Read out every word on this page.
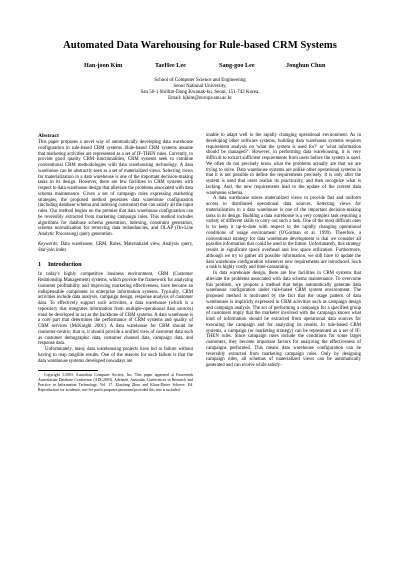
Automated Data Warehousing for Rule-based CRM Systems
Han-joon Kim	TaeHee Lee	Sang-goo Lee	Jonghun Chun
School of Computer Science and Engineering
Seoul National University,
San 56-1 Shillim-Dong Kwanak-ku, Seoul, 151-742 Korea,
Email: hjkim@europa.snu.ac.kr

Abstract

This paper proposes a novel way of automatically developing data warehouse configuration in rule-based CRM systems. Rule-based CRM systems assume that marketing activities are represented as a set of IF-THEN rules. Currently, to provide good quality CRM functionalities, CRM systems seek to combine conventional CRM methodologies with data warehousing technology. A data warehouse can be abstractly seen as a set of materialized views. Selecting views for materialization in a data warehouse is one of the important decision-making tasks in its design. However, there are few facilities in CRM systems with respect to data warehouse design that alleviate the problems associated with data schema maintenance. Given a set of campaign rules expressing marketing strategies, the proposed method generates data warehouse configuration (including database schema and indexing constraint) that can satisfy all the input rules. Our method begins on the premise that data warehouse configuration can be reversibly extracted from marketing campaign rules. This method includes algorithms for database schema generation, indexing, constraint generation, schema normalization for removing data redundancies, and OLAP (On-Line Analytic Processing) query generation.

Keywords: Data warehouse, CRM, Rules, Materialized view, Analysis query, Star-join index

1 Introduction

In today's highly competitive business environment, CRM (Customer Relationship Management) systems, which provide the framework for analyzing customer profitability and improving marketing effectiveness, have become an indispensable component in enterprise information systems. Typically, CRM activities include data analysis, campaign design, response analysis of customer data. To effectively support such activities, a data warehouse (which is a repository that integrates information from multiple-operational data sources) must be developed to act as the backbone of CRM systems. A data warehouse is a core part that determines the performance of CRM systems and quality of CRM services (McKnight 2001). A data warehouse for CRM should be customer-centric; that is, it should provide a unified view of customer data such as customer demographic data, customer channel data, campaign data, and response data.

Unfortunately, many data warehousing projects have led to failure without having to reap tangible results. One of the reasons for such failure is that the data warehouse systems developed nowadays are

Copyright ©2003, Australian Computer Society, Inc. This paper appeared at Fourteenth Australasian Database Conference (ADC2003), Adelaide, Australia, Conferences in Research and Practice in Information Technology, Vol. 17. Xiaofang Zhou and Klaus-Dieter Schewe, Ed. Reproduction for academic, not-for profit purposes permitted provided this text is included.

unable to adapt well to the rapidly changing operational environment. As in developing other software systems, building data warehouse systems requires requirement analysis on 'what the system is used for?' or 'what information should be managed?'. However, in performing data warehousing, it is very difficult to extract sufficient requirements from users before the system is used. We often do not precisely know what the problems actually are that we are trying to solve. Data warehouse systems are unlike other operational systems in that it is not possible to define the requirements precisely. It is only after the system is used that users realize its practicality, and then recognize what is lacking. And, the new requirements lead to the update of the current data warehouse schema.

A data warehouse stores materialized views to provide fast and uniform access to distributed operational data sources. Selecting views for materialization in a data warehouse is one of the important decision-making tasks in its design. Building a data warehouse is a very complex task requiring a variety of different skills to carry out such a task. One of the most difficult ones is to keep it up-to-date with respect to the rapidly changing operational conditions of usage environment (O'Gorman et al. 1999). Therefore, a conventional strategy for data warehouse development is that we consider all possible information that could be used in the future. Unfortunately, this strategy results in significant space overhead and low space utilization. Furthermore, although we try to gather all possible information, we still have to update the data warehouse configuration whenever new requirements are introduced. Such a task is highly costly and time-consuming.

In data warehouse design, there are few facilities in CRM systems that alleviate the problems associated with data schema maintenance. To overcome this problem, we propose a method that helps automatically generate data warehouse configuration under rule-based CRM system environment. The proposed method is motivated by the fact that the usage pattern of data warehouses is implicitly expressed in CRM activities such as campaign design and campaign analysis. The act of performing a campaign for a specified group of customers imply that the marketer involved with the campaign knows what kind of information should be extracted from operational data sources for executing the campaign and for analyzing its results. In rule-based CRM systems, a campaign (or marketing strategy) can be represented as a set of IF-THEN rules. Since campaign rules include the conditions for some target customers, they become important factors for analyzing the effectiveness of campaigns performed. This means data warehouse configuration can be reversibly extracted from marketing campaign rules. Only by designing campaign rules, all schemas of materialized views can be automatically generated and can evolve while satisfy-
